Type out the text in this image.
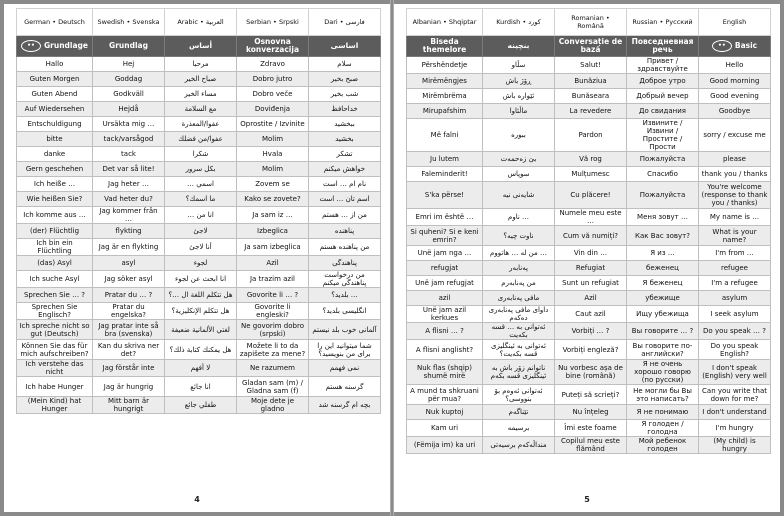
German • Deutsch	Swedish • Svenska	Arabic • العربية	Serbian • Srpski	Dari • فارسی
•• Grundlage	Grundlag	أساس	Osnovna konverzacija	اساسی
Hallo	Hej	مرحبا	Zdravo	سلام
Guten Morgen	Goddag	صباح الخير	Dobro jutro	صبح بخیر
Guten Abend	Godkväll	مساء الخير	Dobro veče	شب بخیر
Auf Wiedersehen	Hejdå	مع السلامة	Doviđenja	خداحافظ
Entschuldigung	Ursäkta mig …	عفوا/المعذرة	Oprostite / Izvinite	ببخشید
bitte	tack/varsågod	عفوا/من فضلك	Molim	بخشید
danke	tack	شكرا	Hvala	تشکر
Gern geschehen	Det var så lite!	بكل سرور	Molim	خواهش میکنم
Ich heiße …	Jag heter …	اسمي …	Zovem se	نام ام … است
Wie heißen Sie?	Vad heter du?	ما اسمك؟	Kako se zovete?	اسم تان … است
Ich komme aus …	Jag kommer från …	انا من …	Ja sam iz …	من از … هستم
(der) Flüchtlig	flykting	لاجئ	Izbeglica	پناهنده
Ich bin ein Flüchtling	Jag är en flykting	أنا لاجئ	Ja sam izbeglica	من پناهنده هستم
(das) Asyl	asyl	لجوء	Azil	پناهندگی
Ich suche Asyl	Jag söker asyl	انا ابحث عن لجوء	Ja trazim azil	من درخواست پناهندگی میکنم
Sprechen Sie … ?	Pratar du … ?	هل تتكلم اللغة ال …؟	Govorite li … ?	… بلدید؟
Sprechen Sie Englisch?	Pratar du engelska?	هل تتكلم الإنكليزية؟	Govorite li engleski?	انگلیسی بلدید؟
Ich spreche nicht so gut (Deutsch)	Jag pratar inte så bra (svenska)	لغتي الألمانية ضعيفة	Ne govorim dobro (srpski)	آلمانی خوب بلد نیستم
Können Sie das für mich aufschreiben?	Kan du skriva ner det?	هل يمكنك كتابة ذلك؟	Možete li to da zapišete za mene?	شما میتوانید این را برای من بنویسید؟
Ich verstehe das nicht	Jag förstår inte	لا أفهم	Ne razumem	نمی فهمم
Ich habe Hunger	Jag är hungrig	انا جائع	Gladan sam (m) / Gladna sam (f)	گرسنه هستم
(Mein Kind) hat Hunger	Mitt barn är hungrigt	طفلي جائع	Moje dete je gladno	بچه ام گرسنه شد
4
Albanian • Shqiptar	Kurdish • کورد	Romanian • Română	Russian • Русский	English
Biseda themelore	بنچینه	Conversație de bază	Повседневная речь	•• Basic
Përshëndetje	سڵاو	Salut!	Привет / здравствуйте	Hello
Mirëmëngjes	ڕۆژ باش	Bunăziua	Доброе утро	Good morning
Mirëmbrëma	ئێواره باش	Bunăseara	Добрый вечер	Good evening
Mirupafshim	ماڵئاوا	La revedere	До свидания	Goodbye
Më falni	ببوره	Pardon	Извините / Извини / Простите / Прости	sorry / excuse me
Ju lutem	بێ زەحمەت	Vă rog	Пожалуйста	please
Faleminderit!	سوپاس	Mulțumesc	Спасибо	thank you / thanks
S'ka përse!	شایەنی نیه	Cu plăcere!	Пожалуйста	You're welcome (response to thank you / thanks)
Emri im është …	… ناوم	Numele meu este …	Меня зовут …	My name is …
Si quheni? Si e keni emrin?	ناوت چیه؟	Cum vă numiți?	Как Вас зовут?	What is your name?
Unë jam nga …	… من له … هاتووم	Vin din …	Я из …	I'm from …
refugjat	پەنابەر	Refugiat	беженец	refugee
Unë jam refugjat	من پەنابەرم	Sunt un refugiat	Я беженец	I'm a refugee
azil	مافی پەنابەری	Azil	убежище	asylum
Unë jam azil kerkues	داوای مافی پەنابەری دەکەم	Caut azil	Ищу убежища	I seek asylum
A flisni … ?	ئەتوانی به … قسه بکەیت	Vorbiți … ?	Вы говорите … ?	Do you speak … ?
A flisni anglisht?	ئەتوانی به ئینگلیزی قسه بکەیت؟	Vorbiți engleză?	Вы говорите по-английски?	Do you speak English?
Nuk flas (shqip) shumë mirë	ناتوانم زۆر باش به ئینگلیزی قسه بکەم	Nu vorbesc așa de bine (română)	Я не очень хорошо говорю (по русски)	I don't speak (English) very well
A mund ta shkruani për mua?	ئەتوانی ئەوەم بۆ بنووسی؟	Puteți să scrieți?	Не могли бы Вы это написать?	Can you write that down for me?
Nuk kuptoj	تێناگەم	Nu înțeleg	Я не понимаю	I don't understand
Kam uri	برسیمه	Îmi este foame	Я голоден / голодна	I'm hungry
(Fëmija im) ka uri	منداڵەکەم برسیەتی	Copilul meu este flămând	Мой ребенок голоден	(My child) is hungry
5
